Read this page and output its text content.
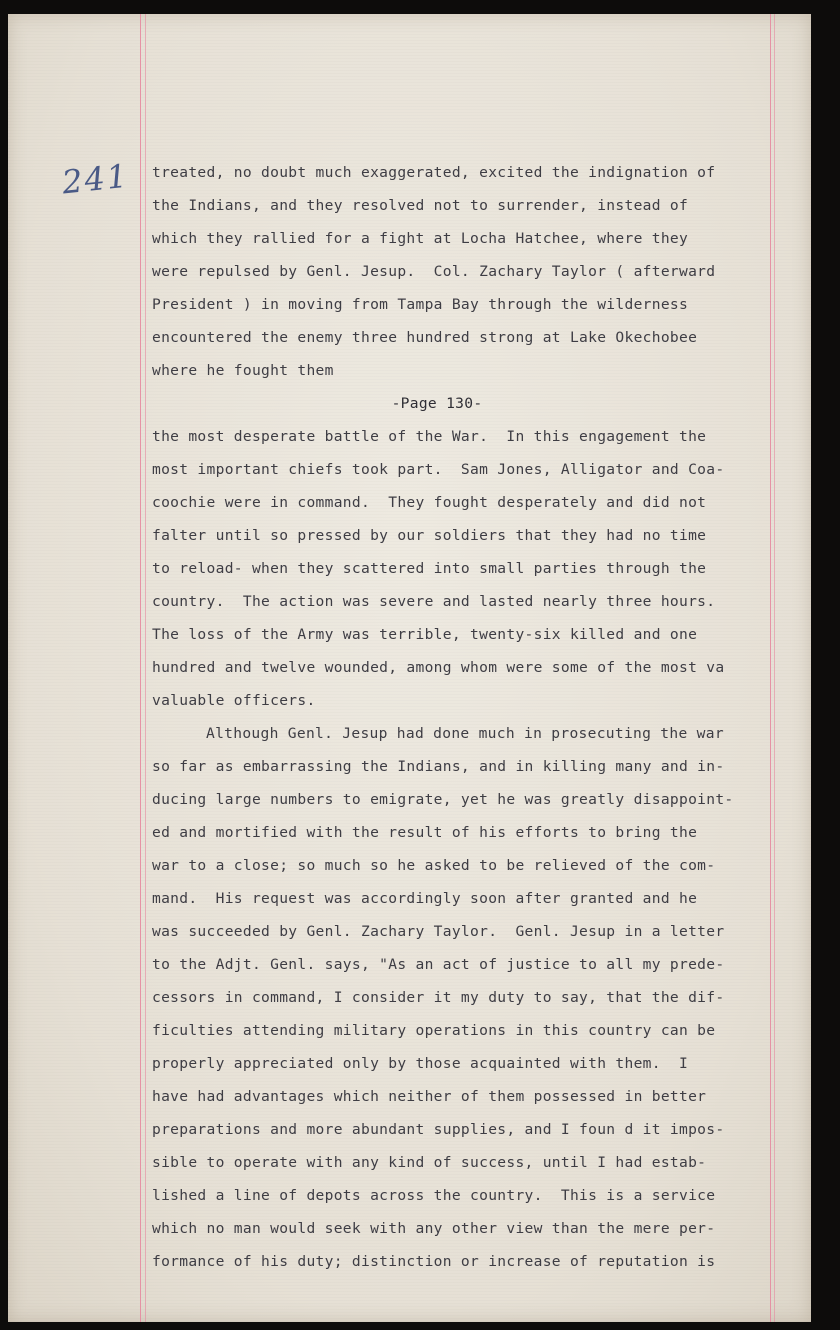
241 treated, no doubt much exaggerated, excited the indignation of
the Indians, and they resolved not to surrender, instead of
which they rallied for a fight at Locha Hatchee, where they
were repulsed by Genl. Jesup.  Col. Zachary Taylor ( afterward
President ) in moving from Tampa Bay through the wilderness
encountered the enemy three hundred strong at Lake Okechobee
where he fought them
-Page 130-
the most desperate battle of the War.  In this engagement the
most important chiefs took part.  Sam Jones, Alligator and Coa-
coochie were in command.  They fought desperately and did not
falter until so pressed by our soldiers that they had no time
to reload- when they scattered into small parties through the
country.  The action was severe and lasted nearly three hours.
The loss of the Army was terrible, twenty-six killed and one
hundred and twelve wounded, among whom were some of the most va
valuable officers.
Although Genl. Jesup had done much in prosecuting the war
so far as embarrassing the Indians, and in killing many and in-
ducing large numbers to emigrate, yet he was greatly disappoint-
ed and mortified with the result of his efforts to bring the
war to a close; so much so he asked to be relieved of the com-
mand.  His request was accordingly soon after granted and he
was succeeded by Genl. Zachary Taylor.  Genl. Jesup in a letter
to the Adjt. Genl. says, "As an act of justice to all my prede-
cessors in command, I consider it my duty to say, that the dif-
ficulties attending military operations in this country can be
properly appreciated only by those acquainted with them.  I
have had advantages which neither of them possessed in better
preparations and more abundant supplies, and I foun d it impos-
sible to operate with any kind of success, until I had estab-
lished a line of depots across the country.  This is a service
which no man would seek with any other view than the mere per-
formance of his duty; distinction or increase of reputation is
